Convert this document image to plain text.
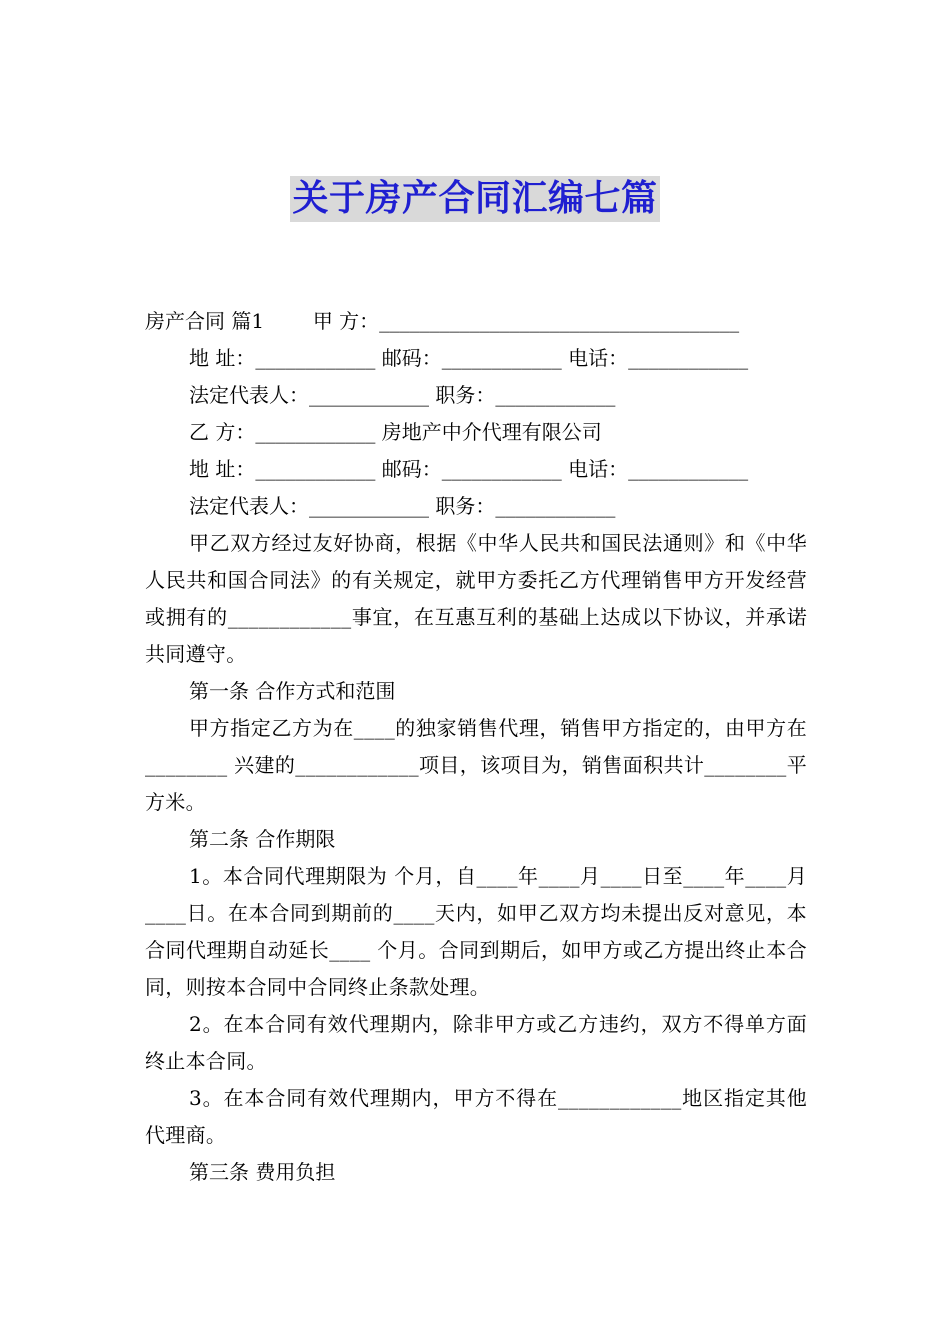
关于房产合同汇编七篇
房产合同 篇1 甲 方：____________________________________
地 址：____________ 邮码：____________ 电话：____________
法定代表人：____________ 职务：____________
乙 方：____________ 房地产中介代理有限公司
地 址：____________ 邮码：____________ 电话：____________
法定代表人：____________ 职务：____________
甲乙双方经过友好协商，根据《中华人民共和国民法通则》和《中华人民共和国合同法》的有关规定，就甲方委托乙方代理销售甲方开发经营或拥有的____________事宜，在互惠互利的基础上达成以下协议，并承诺共同遵守。
第一条 合作方式和范围
甲方指定乙方为在____的独家销售代理，销售甲方指定的，由甲方在________ 兴建的____________项目，该项目为，销售面积共计________平方米。
第二条 合作期限
1。本合同代理期限为 个月，自____年____月____日至____年____月____日。在本合同到期前的____天内，如甲乙双方均未提出反对意见，本合同代理期自动延长____ 个月。合同到期后，如甲方或乙方提出终止本合同，则按本合同中合同终止条款处理。
2。在本合同有效代理期内，除非甲方或乙方违约，双方不得单方面终止本合同。
3。在本合同有效代理期内，甲方不得在____________地区指定其他代理商。
第三条 费用负担
